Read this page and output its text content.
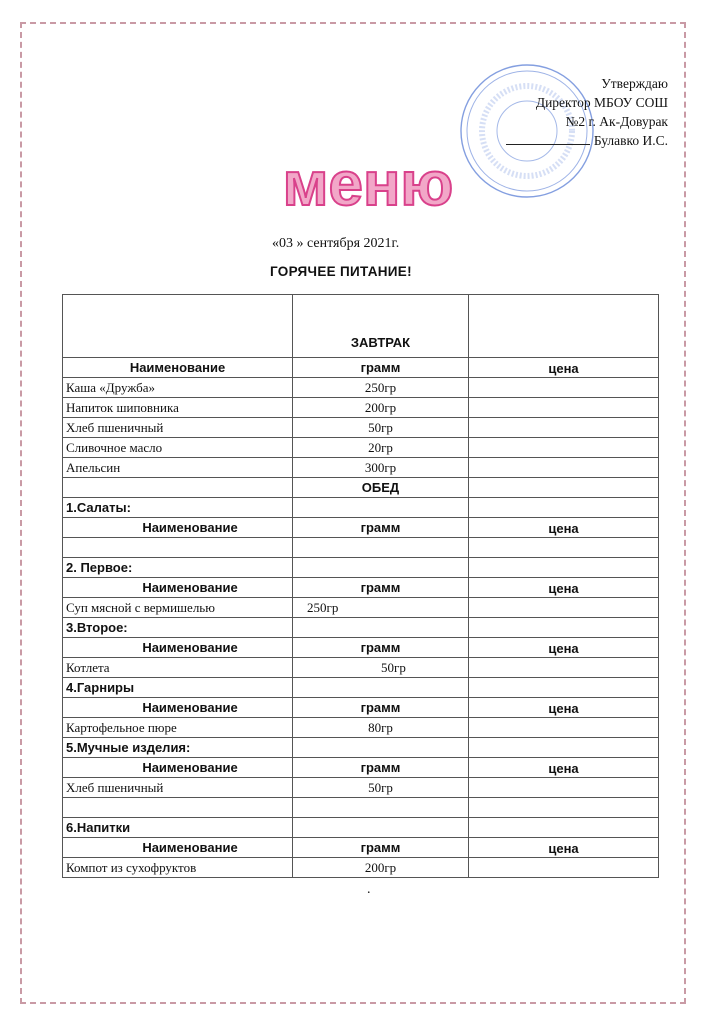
Утверждаю
Директор МБОУ СОШ
№2 г. Ак-Довурак
Булавко И.С.
меню
«03 » сентября 2021г.
ГОРЯЧЕЕ ПИТАНИЕ!
	ЗАВТРАК	
Наименование	грамм	цена
Каша «Дружба»	250гр	
Напиток шиповника	200гр	
Хлеб пшеничный	50гр	
Сливочное масло	20гр	
Апельсин	300гр	
	ОБЕД	
1.Салаты:		
Наименование	грамм	цена

2. Первое:		
Наименование	грамм	цена
Суп мясной с вермишелью	250гр	
3.Второе:		
Наименование	грамм	цена
Котлета	50гр	
4.Гарниры		
Наименование	грамм	цена
Картофельное пюре	80гр	
5.Мучные изделия:		
Наименование	грамм	цена
Хлеб пшеничный	50гр	

6.Напитки		
Наименование	грамм	цена
Компот из сухофруктов	200гр	
.
